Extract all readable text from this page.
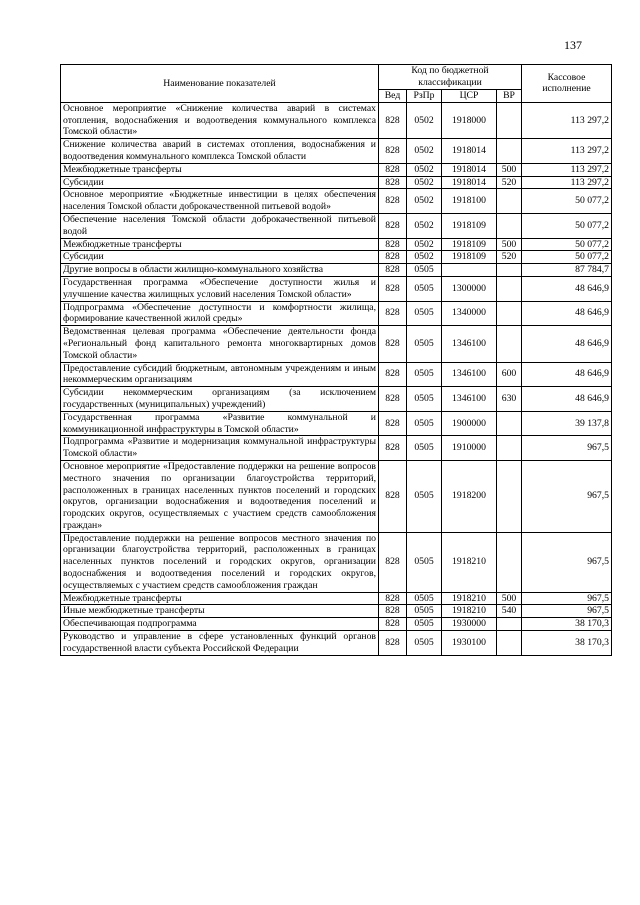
137
Наименование показателей	Код по бюджетной классификации				Кассовое исполнение
	Вед	РзПр	ЦСР	ВР	
Основное мероприятие «Снижение количества аварий в системах отопления, водоснабжения и водоотведения коммунального комплекса Томской области»	828	0502	1918000		113 297,2
Снижение количества аварий в системах отопления, водоснабжения и водоотведения коммунального комплекса Томской области	828	0502	1918014		113 297,2
Межбюджетные трансферты	828	0502	1918014	500	113 297,2
Субсидии	828	0502	1918014	520	113 297,2
Основное мероприятие «Бюджетные инвестиции в целях обеспечения населения Томской области доброкачественной питьевой водой»	828	0502	1918100		50 077,2
Обеспечение населения Томской области доброкачественной питьевой водой	828	0502	1918109		50 077,2
Межбюджетные трансферты	828	0502	1918109	500	50 077,2
Субсидии	828	0502	1918109	520	50 077,2
Другие вопросы в области жилищно-коммунального хозяйства	828	0505			87 784,7
Государственная программа «Обеспечение доступности жилья и улучшение качества жилищных условий населения Томской области»	828	0505	1300000		48 646,9
Подпрограмма «Обеспечение доступности и комфортности жилища, формирование качественной жилой среды»	828	0505	1340000		48 646,9
Ведомственная целевая программа «Обеспечение деятельности фонда «Региональный фонд капитального ремонта многоквартирных домов Томской области»	828	0505	1346100		48 646,9
Предоставление субсидий бюджетным, автономным учреждениям и иным некоммерческим организациям	828	0505	1346100	600	48 646,9
Субсидии некоммерческим организациям (за исключением государственных (муниципальных) учреждений)	828	0505	1346100	630	48 646,9
Государственная программа «Развитие коммунальной и коммуникационной инфраструктуры в Томской области»	828	0505	1900000		39 137,8
Подпрограмма «Развитие и модернизация коммунальной инфраструктуры Томской области»	828	0505	1910000		967,5
Основное мероприятие «Предоставление поддержки на решение вопросов местного значения по организации благоустройства территорий, расположенных в границах населенных пунктов поселений и городских округов, организации водоснабжения и водоотведения поселений и городских округов, осуществляемых с участием средств самообложения граждан»	828	0505	1918200		967,5
Предоставление поддержки на решение вопросов местного значения по организации благоустройства территорий, расположенных в границах населенных пунктов поселений и городских округов, организации водоснабжения и водоотведения поселений и городских округов, осуществляемых с участием средств самообложения граждан	828	0505	1918210		967,5
Межбюджетные трансферты	828	0505	1918210	500	967,5
Иные межбюджетные трансферты	828	0505	1918210	540	967,5
Обеспечивающая подпрограмма	828	0505	1930000		38 170,3
Руководство и управление в сфере установленных функций органов государственной власти субъекта Российской Федерации	828	0505	1930100		38 170,3
